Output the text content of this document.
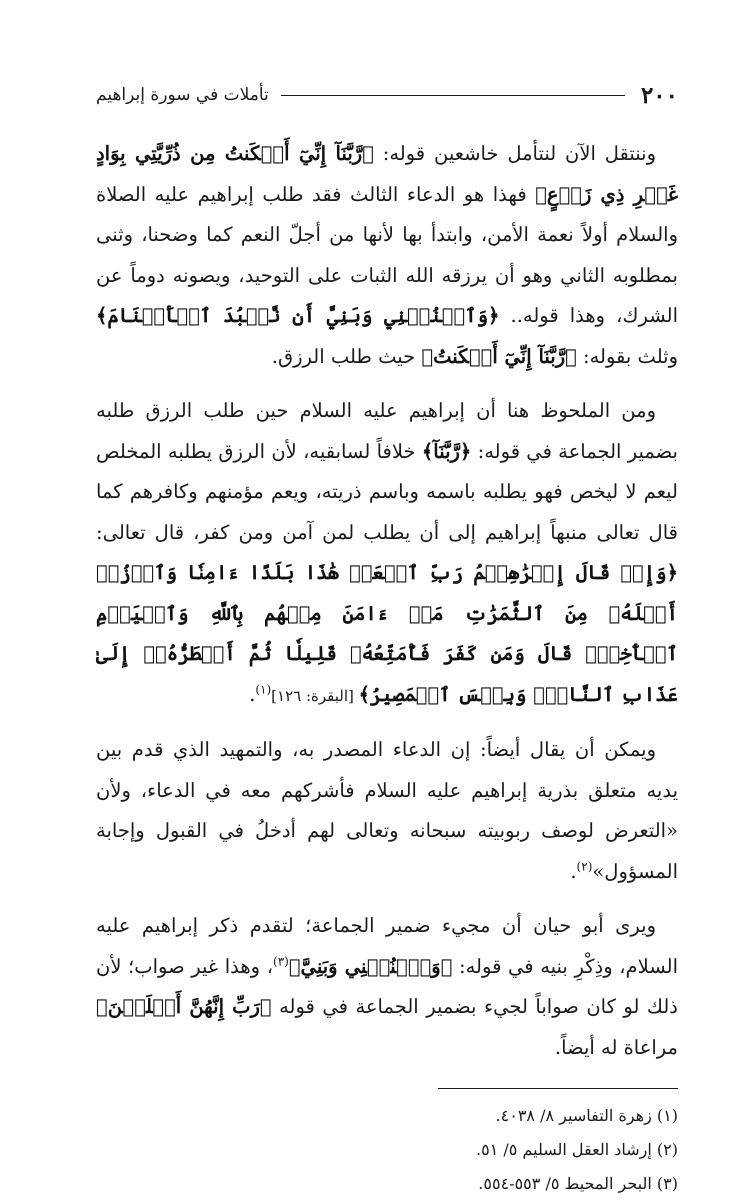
٢٠٠
تأملات في سورة إبراهيم

وننتقل الآن لنتأمل خاشعين قوله: ﴿رَّبَّنَآ إِنِّيٓ أَسۡكَنتُ مِن ذُرِّيَّتِي بِوَادٍ غَيۡرِ ذِي زَرۡعٍ﴾ فهذا هو الدعاء الثالث فقد طلب إبراهيم عليه الصلاة والسلام أولاً نعمة الأمن، وابتدأ بها لأنها من أجلّ النعم كما وضحنا، وثنى بمطلوبه الثاني وهو أن يرزقه الله الثبات على التوحيد، ويصونه دوماً عن الشرك، وهذا قوله.. ﴿وَٱجۡنُبۡنِي وَبَنِيَّ أَن نَّعۡبُدَ ٱلۡأَصۡنَامَ﴾ وثلث بقوله: ﴿رَّبَّنَآ إِنِّيٓ أَسۡكَنتُ﴾ حيث طلب الرزق.

ومن الملحوظ هنا أن إبراهيم عليه السلام حين طلب الرزق طلبه بضمير الجماعة في قوله: ﴿رَّبَّنَآ﴾ خلافاً لسابقيه، لأن الرزق يطلبه المخلص ليعم لا ليخص فهو يطلبه باسمه وباسم ذريته، ويعم مؤمنهم وكافرهم كما قال تعالى منبهاً إبراهيم إلى أن يطلب لمن آمن ومن كفر، قال تعالى: ﴿وَإِذۡ قَالَ إِبۡرَٰهِـۧمُ رَبِّ ٱجۡعَلۡ هَٰذَا بَلَدًا ءَامِنٗا وَٱرۡزُقۡ أَهۡلَهُۥ مِنَ ٱلثَّمَرَٰتِ مَنۡ ءَامَنَ مِنۡهُم بِٱللَّهِ وَٱلۡيَوۡمِ ٱلۡأٓخِرِۖ قَالَ وَمَن كَفَرَ فَأُمَتِّعُهُۥ قَلِيلٗا ثُمَّ أَضۡطَرُّهُۥٓ إِلَىٰ عَذَابِ ٱلنَّارِۖ وَبِئۡسَ ٱلۡمَصِيرُ﴾ [البقرة: ١٢٦]$^{(١)}$.

ويمكن أن يقال أيضاً: إن الدعاء المصدر به، والتمهيد الذي قدم بين يديه متعلق بذرية إبراهيم عليه السلام فأشركهم معه في الدعاء، ولأن «التعرض لوصف ربوبيته سبحانه وتعالى لهم أدخلُ في القبول وإجابة المسؤول»$^{(٢)}$.

ويرى أبو حيان أن مجيء ضمير الجماعة؛ لتقدم ذكر إبراهيم عليه السلام، وذِكْرِ بنيه في قوله: ﴿وَٱجۡنُبۡنِي وَبَنِيَّ﴾$^{(٣)}$، وهذا غير صواب؛ لأن ذلك لو كان صواباً لجيء بضمير الجماعة في قوله ﴿رَبِّ إِنَّهُنَّ أَضۡلَلۡنَ﴾ مراعاة له أيضاً.

(١) زهرة التفاسير ٨/ ٤٠٣٨.

(٢) إرشاد العقل السليم ٥/ ٥١.

(٣) البحر المحيط ٥/ ٥٥٣-٥٥٤.
